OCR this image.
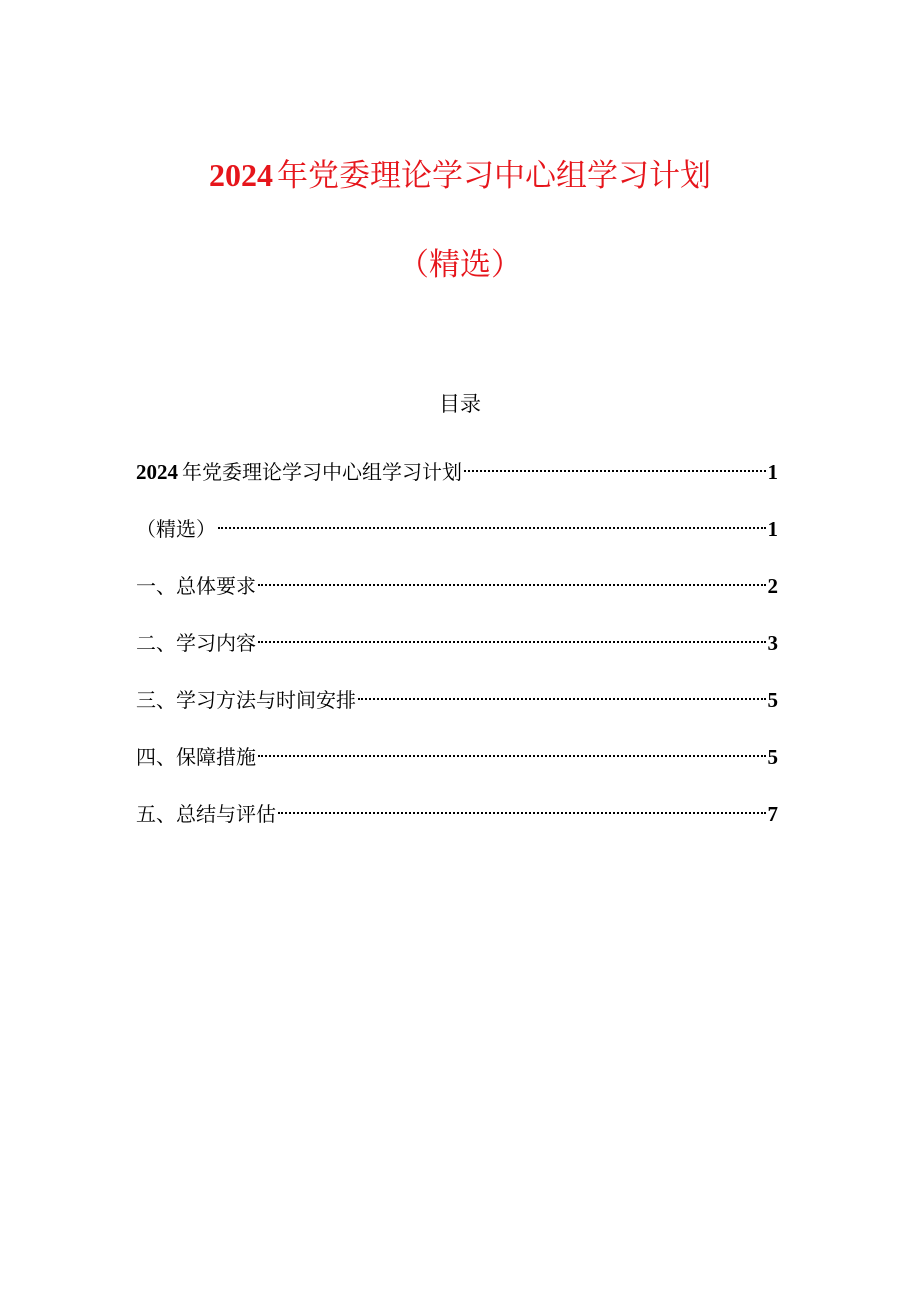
2024 年党委理论学习中心组学习计划
（精选）
目录
2024 年党委理论学习中心组学习计划	1
（精选）	1
一、总体要求	2
二、学习内容	3
三、学习方法与时间安排	5
四、保障措施	5
五、总结与评估	7
